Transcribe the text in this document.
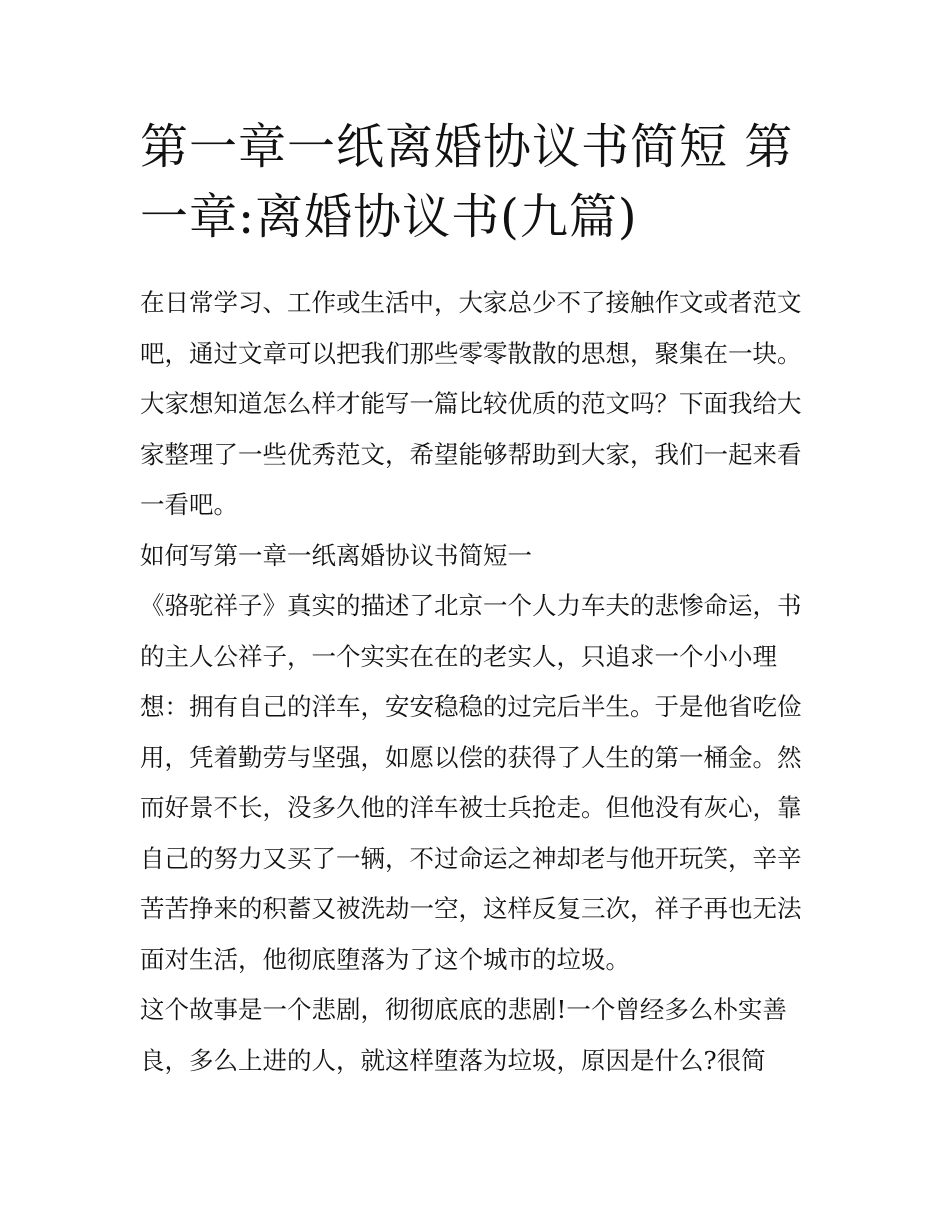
第一章一纸离婚协议书简短 第一章:离婚协议书(九篇)

在日常学习、工作或生活中，大家总少不了接触作文或者范文吧，通过文章可以把我们那些零零散散的思想，聚集在一块。大家想知道怎么样才能写一篇比较优质的范文吗？下面我给大家整理了一些优秀范文，希望能够帮助到大家，我们一起来看一看吧。

如何写第一章一纸离婚协议书简短一

《骆驼祥子》真实的描述了北京一个人力车夫的悲惨命运，书的主人公祥子，一个实实在在的老实人，只追求一个小小理想：拥有自己的洋车，安安稳稳的过完后半生。于是他省吃俭用，凭着勤劳与坚强，如愿以偿的获得了人生的第一桶金。然而好景不长，没多久他的洋车被士兵抢走。但他没有灰心，靠自己的努力又买了一辆，不过命运之神却老与他开玩笑，辛辛苦苦挣来的积蓄又被洗劫一空，这样反复三次，祥子再也无法面对生活，他彻底堕落为了这个城市的垃圾。

这个故事是一个悲剧，彻彻底底的悲剧!一个曾经多么朴实善良，多么上进的人，就这样堕落为垃圾，原因是什么?很简
